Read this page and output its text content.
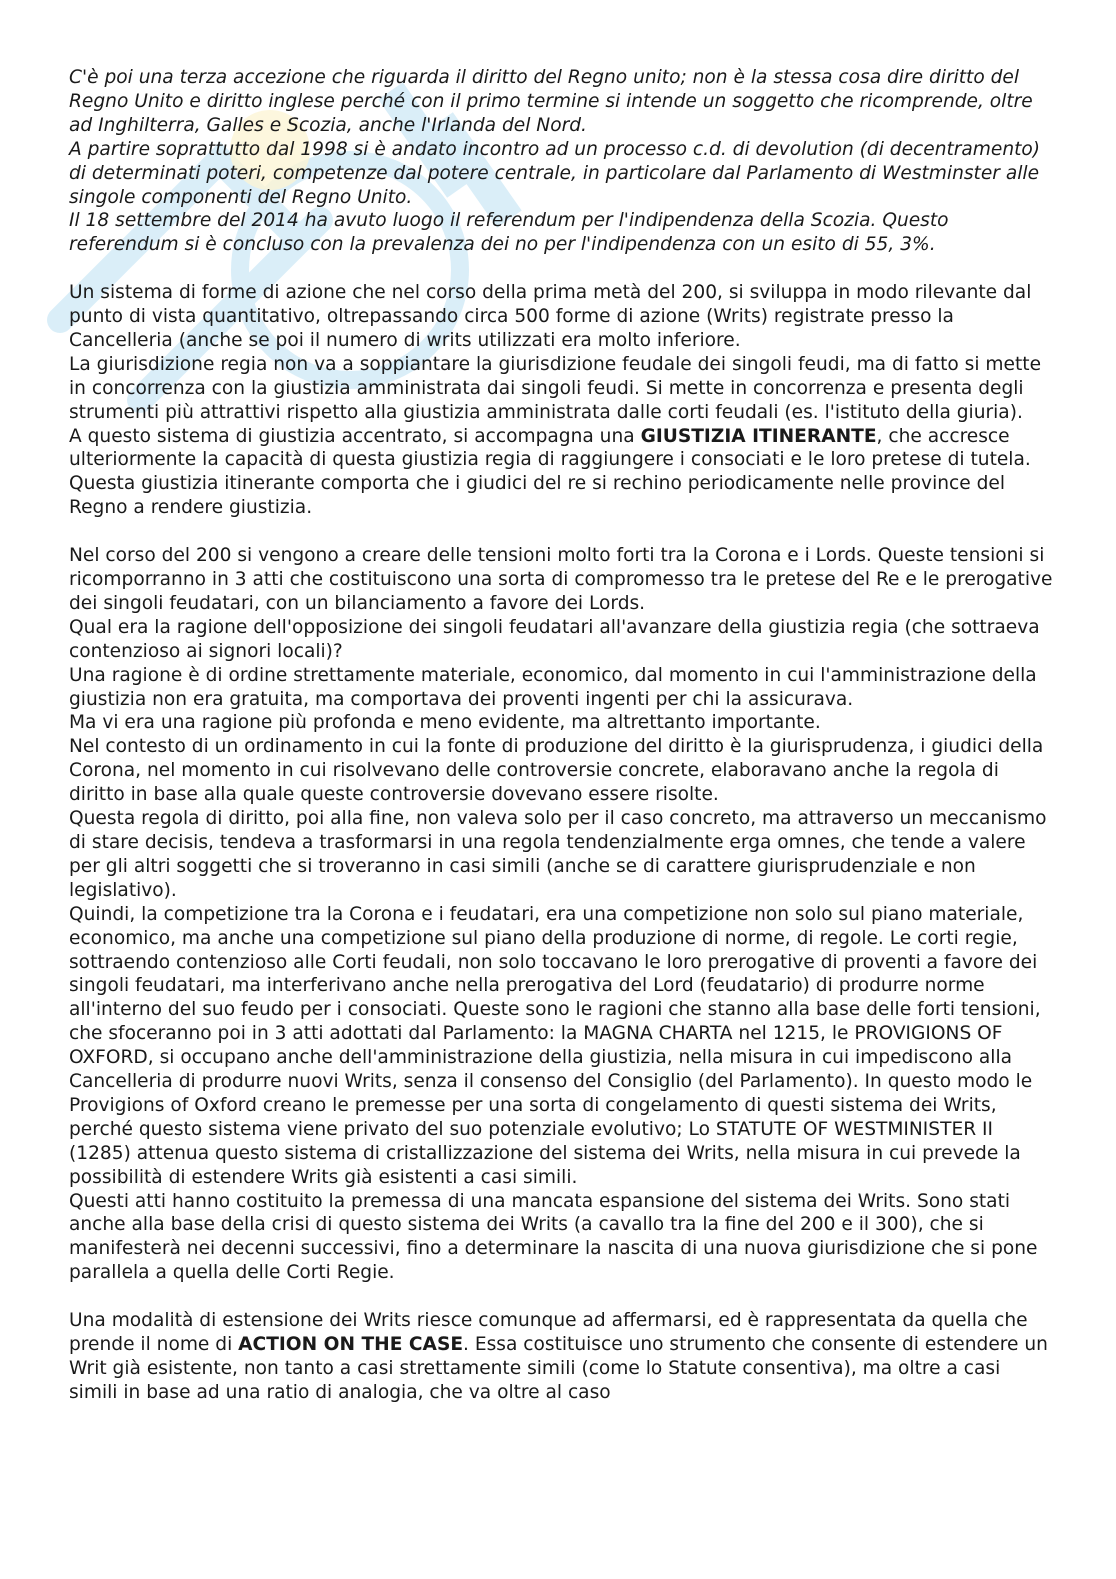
C'è poi una terza accezione che riguarda il diritto del Regno unito; non è la stessa cosa dire diritto del Regno Unito e diritto inglese perché con il primo termine si intende un soggetto che ricomprende, oltre ad Inghilterra, Galles e Scozia, anche l'Irlanda del Nord.

A partire soprattutto dal 1998 si è andato incontro ad un processo c.d. di devolution (di decentramento) di determinati poteri, competenze dal potere centrale, in particolare dal Parlamento di Westminster alle singole componenti del Regno Unito.

Il 18 settembre del 2014 ha avuto luogo il referendum per l'indipendenza della Scozia. Questo referendum si è concluso con la prevalenza dei no per l'indipendenza con un esito di 55, 3%.

Un sistema di forme di azione che nel corso della prima metà del 200, si sviluppa in modo rilevante dal punto di vista quantitativo, oltrepassando circa 500 forme di azione (Writs) registrate presso la Cancelleria (anche se poi il numero di writs utilizzati era molto inferiore.

La giurisdizione regia non va a soppiantare la giurisdizione feudale dei singoli feudi, ma di fatto si mette in concorrenza con la giustizia amministrata dai singoli feudi. Si mette in concorrenza e presenta degli strumenti più attrattivi rispetto alla giustizia amministrata dalle corti feudali (es. l'istituto della giuria).

A questo sistema di giustizia accentrato, si accompagna una GIUSTIZIA ITINERANTE, che accresce ulteriormente la capacità di questa giustizia regia di raggiungere i consociati e le loro pretese di tutela. Questa giustizia itinerante comporta che i giudici del re si rechino periodicamente nelle province del Regno a rendere giustizia.

Nel corso del 200 si vengono a creare delle tensioni molto forti tra la Corona e i Lords. Queste tensioni si ricomporranno in 3 atti che costituiscono una sorta di compromesso tra le pretese del Re e le prerogative dei singoli feudatari, con un bilanciamento a favore dei Lords.

Qual era la ragione dell'opposizione dei singoli feudatari all'avanzare della giustizia regia (che sottraeva contenzioso ai signori locali)?

Una ragione è di ordine strettamente materiale, economico, dal momento in cui l'amministrazione della giustizia non era gratuita, ma comportava dei proventi ingenti per chi la assicurava.

Ma vi era una ragione più profonda e meno evidente, ma altrettanto importante.

Nel contesto di un ordinamento in cui la fonte di produzione del diritto è la giurisprudenza, i giudici della Corona, nel momento in cui risolvevano delle controversie concrete, elaboravano anche la regola di diritto in base alla quale queste controversie dovevano essere risolte.

Questa regola di diritto, poi alla fine, non valeva solo per il caso concreto, ma attraverso un meccanismo di stare decisis, tendeva a trasformarsi in una regola tendenzialmente erga omnes, che tende a valere per gli altri soggetti che si troveranno in casi simili (anche se di carattere giurisprudenziale e non legislativo).

Quindi, la competizione tra la Corona e i feudatari, era una competizione non solo sul piano materiale, economico, ma anche una competizione sul piano della produzione di norme, di regole. Le corti regie, sottraendo contenzioso alle Corti feudali, non solo toccavano le loro prerogative di proventi a favore dei singoli feudatari, ma interferivano anche nella prerogativa del Lord (feudatario) di produrre norme all'interno del suo feudo per i consociati. Queste sono le ragioni che stanno alla base delle forti tensioni, che sfoceranno poi in 3 atti adottati dal Parlamento: la MAGNA CHARTA nel 1215, le PROVIGIONS OF OXFORD, si occupano anche dell'amministrazione della giustizia, nella misura in cui impediscono alla Cancelleria di produrre nuovi Writs, senza il consenso del Consiglio (del Parlamento). In questo modo le Provigions of Oxford creano le premesse per una sorta di congelamento di questi sistema dei Writs, perché questo sistema viene privato del suo potenziale evolutivo; Lo STATUTE OF WESTMINISTER II (1285) attenua questo sistema di cristallizzazione del sistema dei Writs, nella misura in cui prevede la possibilità di estendere Writs già esistenti a casi simili.

Questi atti hanno costituito la premessa di una mancata espansione del sistema dei Writs. Sono stati anche alla base della crisi di questo sistema dei Writs (a cavallo tra la fine del 200 e il 300), che si manifesterà nei decenni successivi, fino a determinare la nascita di una nuova giurisdizione che si pone parallela a quella delle Corti Regie.

Una modalità di estensione dei Writs riesce comunque ad affermarsi, ed è rappresentata da quella che prende il nome di ACTION ON THE CASE. Essa costituisce uno strumento che consente di estendere un Writ già esistente, non tanto a casi strettamente simili (come lo Statute consentiva), ma oltre a casi simili in base ad una ratio di analogia, che va oltre al caso
